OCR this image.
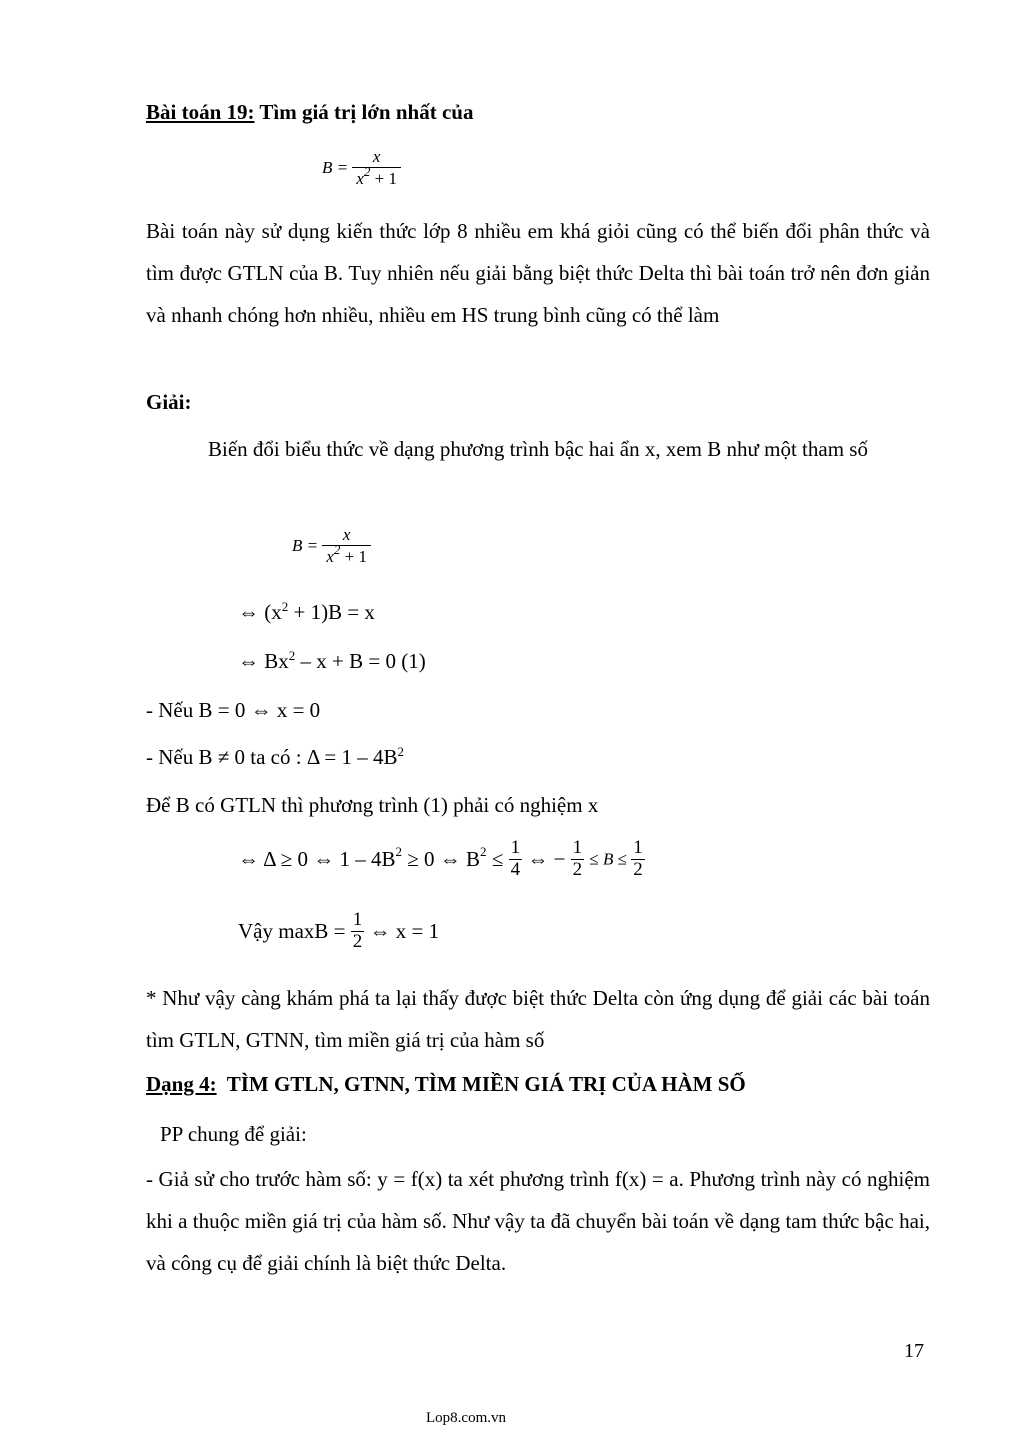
Bài toán 19: Tìm giá trị lớn nhất của
$B = \frac{x}{x^2 + 1}$
Bài toán này sử dụng kiến thức lớp 8 nhiều em khá giỏi cũng có thể biến đổi phân thức và tìm được GTLN của B. Tuy nhiên nếu giải bằng biệt thức Delta thì bài toán trở nên đơn giản và nhanh chóng hơn nhiều, nhiều em HS trung bình cũng có thể làm
Giải:
Biến đổi biểu thức về dạng phương trình bậc hai ẩn x, xem B như một tham số
$B = \frac{x}{x^2 + 1}$
⇔ $(x^2 + 1)B = x$
⇔ Bx$^2$ – x + B = 0 (1)
- Nếu B = 0 ⇔ x = 0
- Nếu B ≠ 0 ta có : $\Delta = 1 - 4B^2$
Để B có GTLN thì phương trình (1) phải có nghiệm x
⇔ Δ ≥ 0 ⇔ $1 - 4B^2 \ge 0$ ⇔ $B^2 \le \frac{1}{4}$ ⇔ − $\frac{1}{2} \le B \le \frac{1}{2}$
Vậy $\max B = \frac{1}{2}$ ⇔ x = 1
* Như vậy càng khám phá ta lại thấy được biệt thức Delta còn ứng dụng để giải các bài toán tìm GTLN, GTNN, tìm miền giá trị của hàm số
Dạng 4:  TÌM GTLN, GTNN, TÌM MIỀN GIÁ TRỊ CỦA HÀM SỐ
PP chung để giải:
- Giả sử cho trước hàm số: y = f(x) ta xét phương trình f(x) = a. Phương trình này có nghiệm khi a thuộc miền giá trị của hàm số. Như vậy ta đã chuyển bài toán về dạng tam thức bậc hai, và công cụ để giải chính là biệt thức Delta.
17
Lop8.com.vn
